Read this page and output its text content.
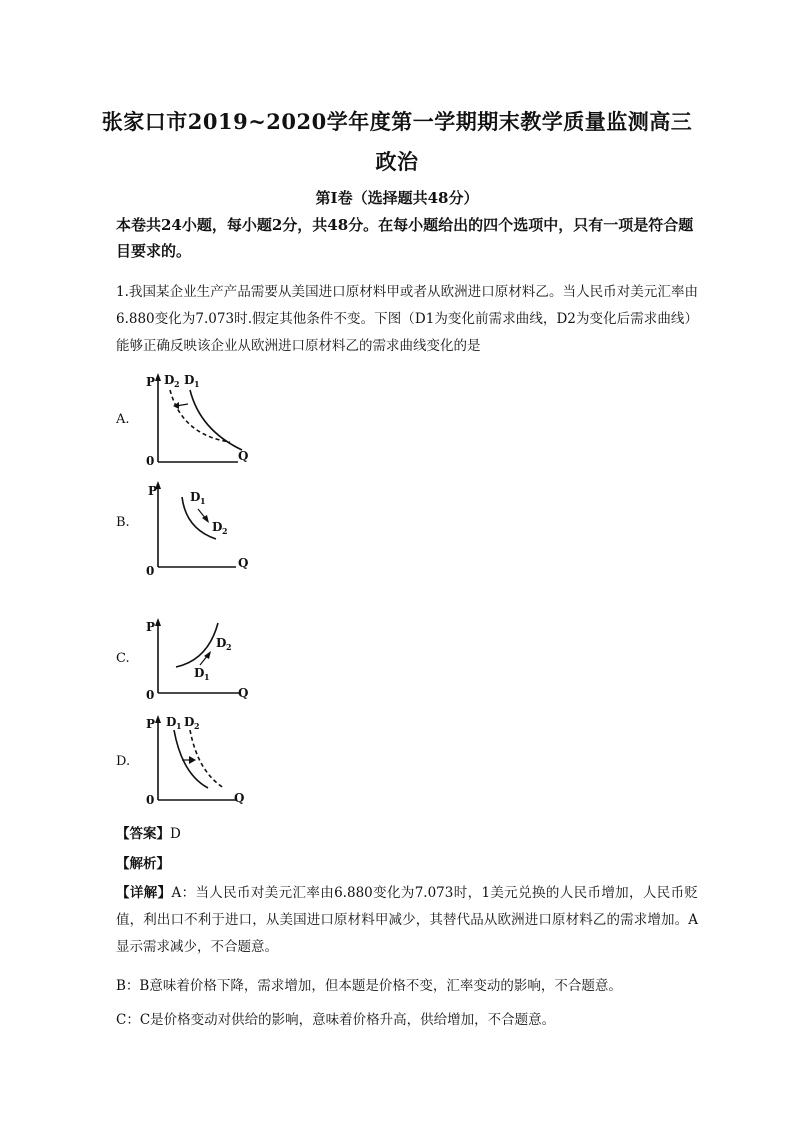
张家口市2019~2020学年度第一学期期末教学质量监测高三
政治
第Ⅰ卷（选择题共48分）
本卷共24小题，每小题2分，共48分。在每小题给出的四个选项中，只有一项是符合题目要求的。
1.我国某企业生产产品需要从美国进口原材料甲或者从欧洲进口原材料乙。当人民币对美元汇率由6.880变化为7.073时.假定其他条件不变。下图（D1为变化前需求曲线，D2为变化后需求曲线）能够正确反映该企业从欧洲进口原材料乙的需求曲线变化的是
A.
P
Q
0
D 2 D 1
B.
P
Q
0
D 1
D 2
C.
P
Q
0
D 2
D 1
D.
P
Q
0
D 1 D 2
【答案】D
【解析】
【详解】A：当人民币对美元汇率由6.880变化为7.073时，1美元兑换的人民币增加，人民币贬值，利出口不利于进口，从美国进口原材料甲减少，其替代品从欧洲进口原材料乙的需求增加。A显示需求减少，不合题意。
B：B意味着价格下降，需求增加，但本题是价格不变，汇率变动的影响，不合题意。
C：C是价格变动对供给的影响，意味着价格升高，供给增加，不合题意。
